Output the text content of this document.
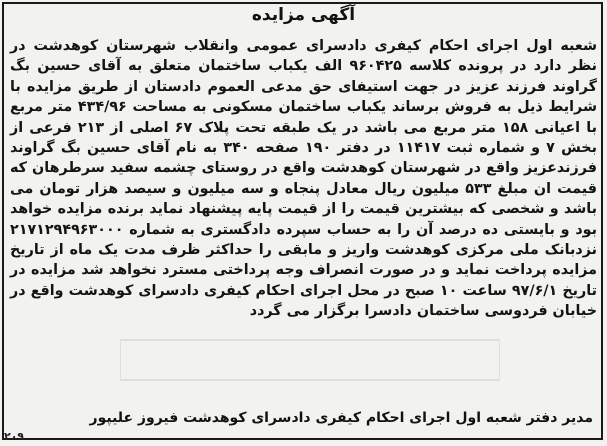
آگهی مزایده
شعبه اول اجرای احکام کیفری دادسرای عمومی وانقلاب شهرستان کوهدشت در نظر دارد در پرونده کلاسه ۹۶۰۴۲۵ الف یکباب ساختمان متعلق به آقای حسین بگ گراوند فرزند عزیز در جهت استیفای حق مدعی العموم دادستان از طریق مزایده با شرایط ذیل به فروش برساند یکباب ساختمان مسکونی به مساحت ۴۳۴/۹۶ متر مربع با اعیانی ۱۵۸ متر مربع می باشد در یک طبقه تحت پلاک ۶۷ اصلی از ۲۱۳ فرعی از بخش ۷ و شماره ثبت ۱۱۴۱۷ در دفتر ۱۹۰ صفحه ۳۴۰ به نام آقای حسین بگ گراوند فرزندعزیز واقع در شهرستان کوهدشت واقع در روستای چشمه سفید سرطرهان که قیمت ان مبلغ ۵۳۳ میلیون ریال معادل پنجاه و سه میلیون و سیصد هزار تومان می باشد و شخصی که بیشترین قیمت را از قیمت پایه پیشنهاد نماید برنده مزایده خواهد بود و بایستی ده درصد آن را به حساب سپرده دادگستری به شماره ۲۱۷۱۲۹۴۹۶۳۰۰۰ نزدبانک ملی مرکزی کوهدشت واریز و مابقی را حداکثر ظرف مدت یک ماه از تاریخ مزایده پرداخت نماید و در صورت انصراف وجه پرداختی مسترد نخواهد شد مزایده در تاریخ ۹۷/۶/۱ ساعت ۱۰ صبح در محل اجرای احکام کیفری دادسرای کوهدشت واقع در خیابان فردوسی ساختمان دادسرا برگزار می گردد
مدیر دفتر شعبه اول اجرای احکام کیفری دادسرای کوهدشت فیروز علیپور
۲۰۹
